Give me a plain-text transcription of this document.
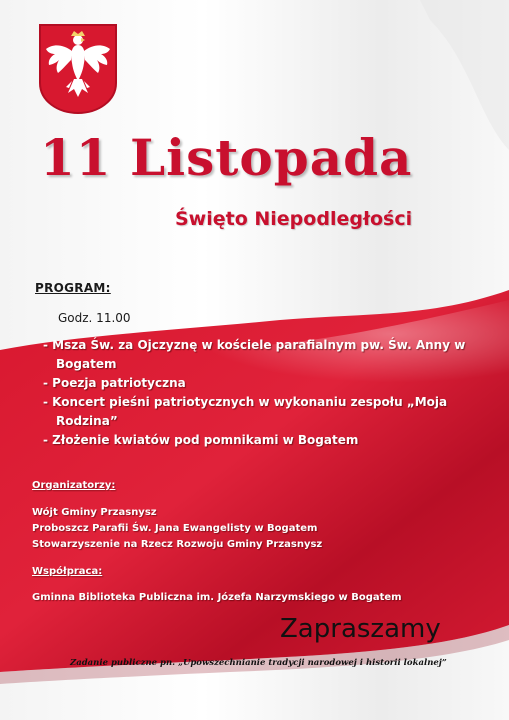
11 Listopada
Święto Niepodległości
PROGRAM:
Godz. 11.00
- Msza Św. za Ojczyznę w kościele parafialnym pw. Św. Anny w Bogatem
- Poezja patriotyczna
- Koncert pieśni patriotycznych w wykonaniu zespołu „Moja Rodzina”
- Złożenie kwiatów pod pomnikami w Bogatem
Organizatorzy:
Wójt Gminy Przasnysz
Proboszcz Parafii Św. Jana Ewangelisty w Bogatem
Stowarzyszenie na Rzecz Rozwoju Gminy Przasnysz
Współpraca:
Gminna Biblioteka Publiczna im. Józefa Narzymskiego w Bogatem
Zapraszamy
Zadanie publiczne pn. „Upowszechnianie tradycji narodowej i historii lokalnej”
